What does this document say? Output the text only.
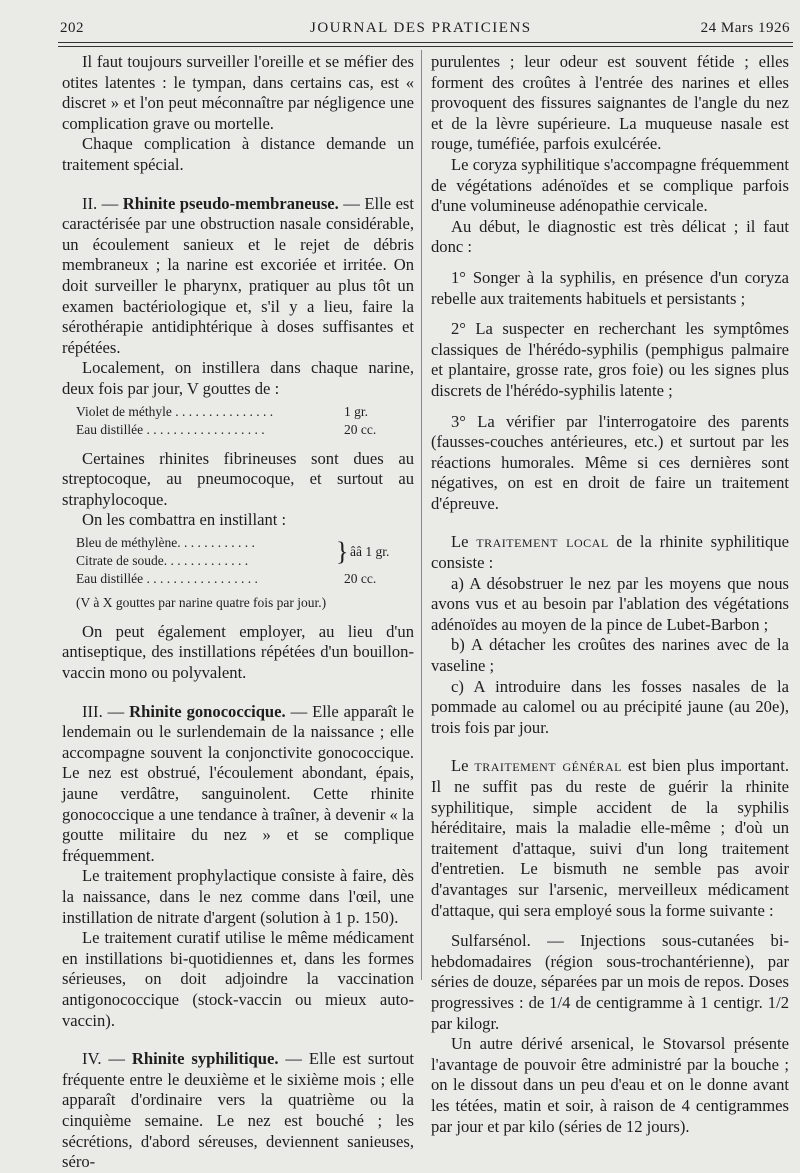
202	JOURNAL DES PRATICIENS	24 Mars 1926

Il faut toujours surveiller l'oreille et se méfier des otites latentes : le tympan, dans certains cas, est « discret » et l'on peut méconnaître par négligence une complication grave ou mortelle.

Chaque complication à distance demande un traitement spécial.

II. — Rhinite pseudo-membraneuse. — Elle est caractérisée par une obstruction nasale considérable, un écoulement sanieux et le rejet de débris membraneux ; la narine est excoriée et irritée. On doit surveiller le pharynx, pratiquer au plus tôt un examen bactériologique et, s'il y a lieu, faire la sérothérapie antidiphtérique à doses suffisantes et répétées.

Localement, on instillera dans chaque narine, deux fois par jour, V gouttes de :

Violet de méthyle . . . . . . . . . . . . . . .	1 gr.
Eau distillée . . . . . . . . . . . . . . . . . .	20 cc.

Certaines rhinites fibrineuses sont dues au streptocoque, au pneumocoque, et surtout au straphylocoque.

On les combattra en instillant :

Bleu de méthylène. . . . . . . . . . . .
Citrate de soude. . . . . . . . . . . . .	} ââ 1 gr.
Eau distillée . . . . . . . . . . . . . . . . .	20 cc.
(V à X gouttes par narine quatre fois par jour.)

On peut également employer, au lieu d'un antiseptique, des instillations répétées d'un bouillon-vaccin mono ou polyvalent.

III. — Rhinite gonococcique. — Elle apparaît le lendemain ou le surlendemain de la naissance ; elle accompagne souvent la conjonctivite gonococcique. Le nez est obstrué, l'écoulement abondant, épais, jaune verdâtre, sanguinolent. Cette rhinite gonococcique a une tendance à traîner, à devenir « la goutte militaire du nez » et se complique fréquemment.

Le traitement prophylactique consiste à faire, dès la naissance, dans le nez comme dans l'œil, une instillation de nitrate d'argent (solution à 1 p. 150).

Le traitement curatif utilise le même médicament en instillations bi-quotidiennes et, dans les formes sérieuses, on doit adjoindre la vaccination antigonococcique (stock-vaccin ou mieux auto-vaccin).

IV. — Rhinite syphilitique. — Elle est surtout fréquente entre le deuxième et le sixième mois ; elle apparaît d'ordinaire vers la quatrième ou la cinquième semaine. Le nez est bouché ; les sécrétions, d'abord séreuses, deviennent sanieuses, séro-

purulentes ; leur odeur est souvent fétide ; elles forment des croûtes à l'entrée des narines et elles provoquent des fissures saignantes de l'angle du nez et de la lèvre supérieure. La muqueuse nasale est rouge, tuméfiée, parfois exulcérée.

Le coryza syphilitique s'accompagne fréquemment de végétations adénoïdes et se complique parfois d'une volumineuse adénopathie cervicale.

Au début, le diagnostic est très délicat ; il faut donc :

1° Songer à la syphilis, en présence d'un coryza rebelle aux traitements habituels et persistants ;

2° La suspecter en recherchant les symptômes classiques de l'hérédo-syphilis (pemphigus palmaire et plantaire, grosse rate, gros foie) ou les signes plus discrets de l'hérédo-syphilis latente ;

3° La vérifier par l'interrogatoire des parents (fausses-couches antérieures, etc.) et surtout par les réactions humorales. Même si ces dernières sont négatives, on est en droit de faire un traitement d'épreuve.

Le traitement local de la rhinite syphilitique consiste :

a) A désobstruer le nez par les moyens que nous avons vus et au besoin par l'ablation des végétations adénoïdes au moyen de la pince de Lubet-Barbon ;

b) A détacher les croûtes des narines avec de la vaseline ;

c) A introduire dans les fosses nasales de la pommade au calomel ou au précipité jaune (au 20e), trois fois par jour.

Le traitement général est bien plus important. Il ne suffit pas du reste de guérir la rhinite syphilitique, simple accident de la syphilis héréditaire, mais la maladie elle-même ; d'où un traitement d'attaque, suivi d'un long traitement d'entretien. Le bismuth ne semble pas avoir d'avantages sur l'arsenic, merveilleux médicament d'attaque, qui sera employé sous la forme suivante :

Sulfarsénol. — Injections sous-cutanées bi-hebdomadaires (région sous-trochantérienne), par séries de douze, séparées par un mois de repos. Doses progressives : de 1/4 de centigramme à 1 centigr. 1/2 par kilogr.

Un autre dérivé arsenical, le Stovarsol présente l'avantage de pouvoir être administré par la bouche ; on le dissout dans un peu d'eau et on le donne avant les tétées, matin et soir, à raison de 4 centigrammes par jour et par kilo (séries de 12 jours).
